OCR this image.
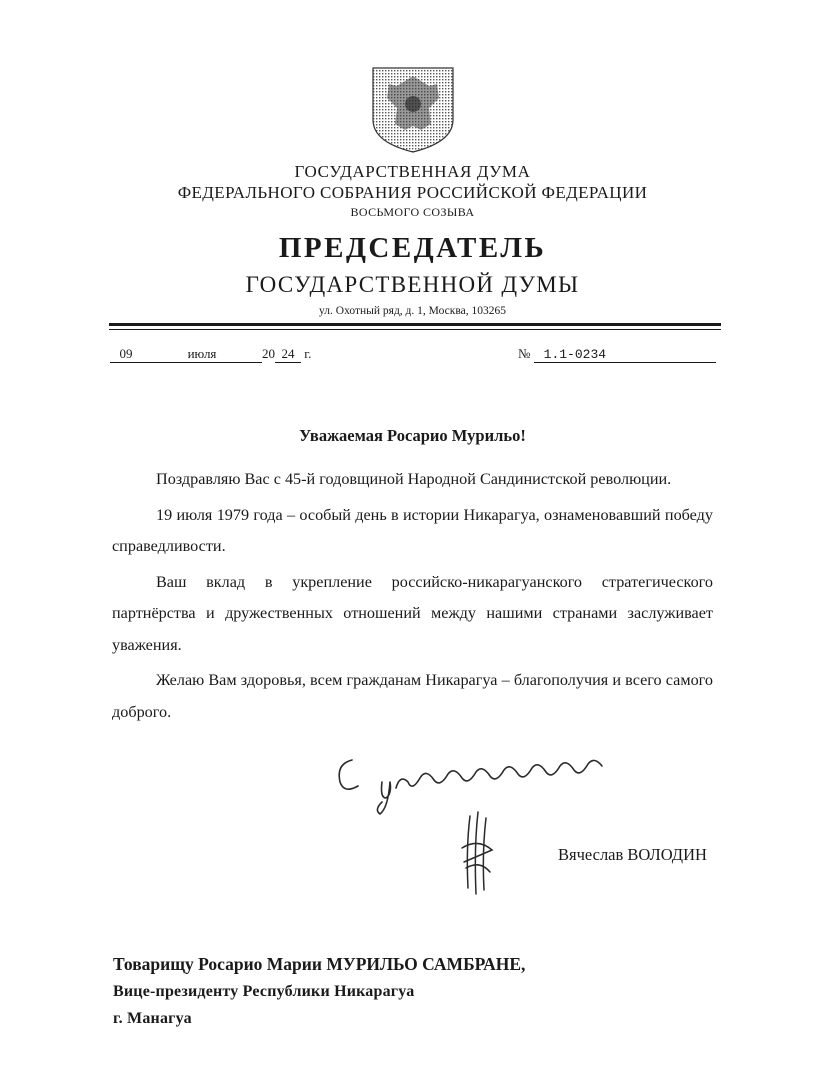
ГОСУДАРСТВЕННАЯ ДУМА
ФЕДЕРАЛЬНОГО СОБРАНИЯ РОССИЙСКОЙ ФЕДЕРАЦИИ
ВОСЬМОГО СОЗЫВА
ПРЕДСЕДАТЕЛЬ
ГОСУДАРСТВЕННОЙ ДУМЫ
ул. Охотный ряд, д. 1, Москва, 103265
09	июля	20 24 г.	№ 1.1-0234
Уважаемая Росарио Мурильо!

Поздравляю Вас с 45-й годовщиной Народной Сандинистской революции.

19 июля 1979 года – особый день в истории Никарагуа, ознаменовавший победу справедливости.

Ваш вклад в укрепление российско-никарагуанского стратегического партнёрства и дружественных отношений между нашими странами заслуживает уважения.

Желаю Вам здоровья, всем гражданам Никарагуа – благополучия и всего самого доброго.

Вячеслав ВОЛОДИН
Товарищу Росарио Марии МУРИЛЬО САМБРАНЕ,
Вице-президенту Республики Никарагуа
г. Манагуа
